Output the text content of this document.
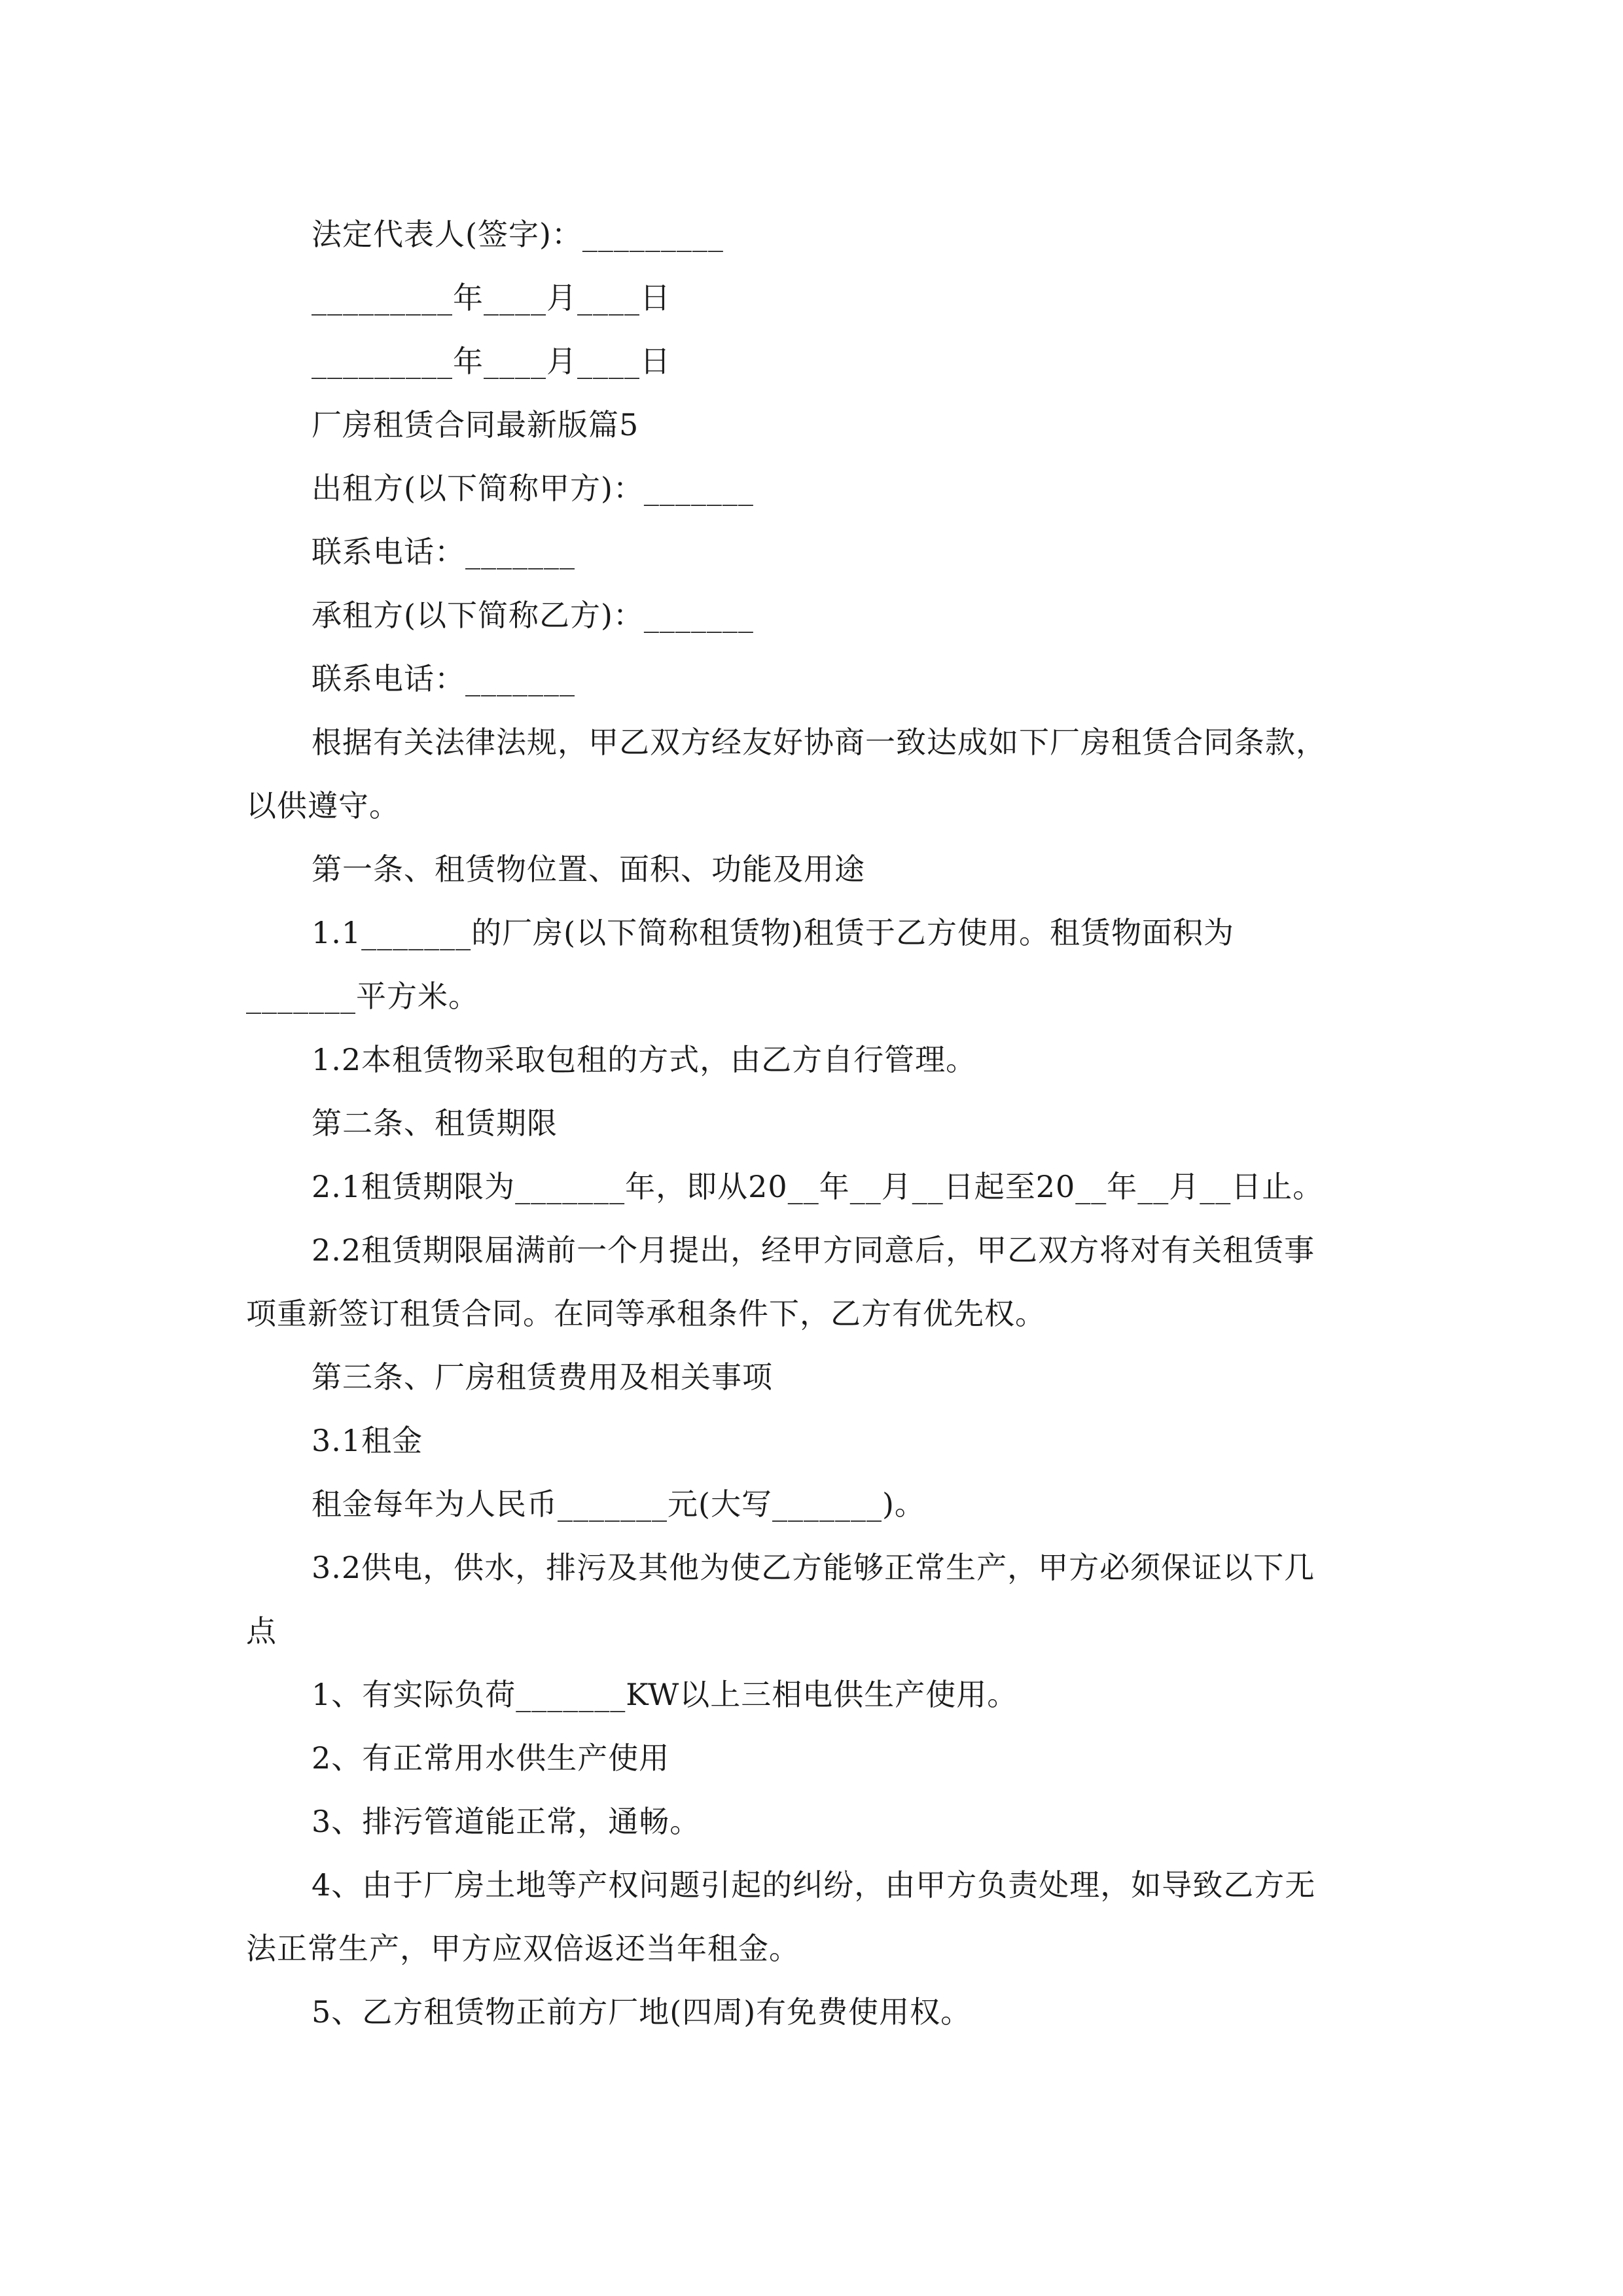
法定代表人(签字)：_________
_________年____月____日
_________年____月____日
厂房租赁合同最新版篇5
出租方(以下简称甲方)：_______
联系电话：_______
承租方(以下简称乙方)：_______
联系电话：_______
根据有关法律法规，甲乙双方经友好协商一致达成如下厂房租赁合同条款，
以供遵守。
第一条、租赁物位置、面积、功能及用途
1.1_______的厂房(以下简称租赁物)租赁于乙方使用。租赁物面积为
_______平方米。
1.2本租赁物采取包租的方式，由乙方自行管理。
第二条、租赁期限
2.1租赁期限为_______年，即从20__年__月__日起至20__年__月__日止。
2.2租赁期限届满前一个月提出，经甲方同意后，甲乙双方将对有关租赁事
项重新签订租赁合同。在同等承租条件下，乙方有优先权。
第三条、厂房租赁费用及相关事项
3.1租金
租金每年为人民币_______元(大写_______)。
3.2供电，供水，排污及其他为使乙方能够正常生产，甲方必须保证以下几
点
1、有实际负荷_______KW以上三相电供生产使用。
2、有正常用水供生产使用
3、排污管道能正常，通畅。
4、由于厂房土地等产权问题引起的纠纷，由甲方负责处理，如导致乙方无
法正常生产，甲方应双倍返还当年租金。
5、乙方租赁物正前方厂地(四周)有免费使用权。
